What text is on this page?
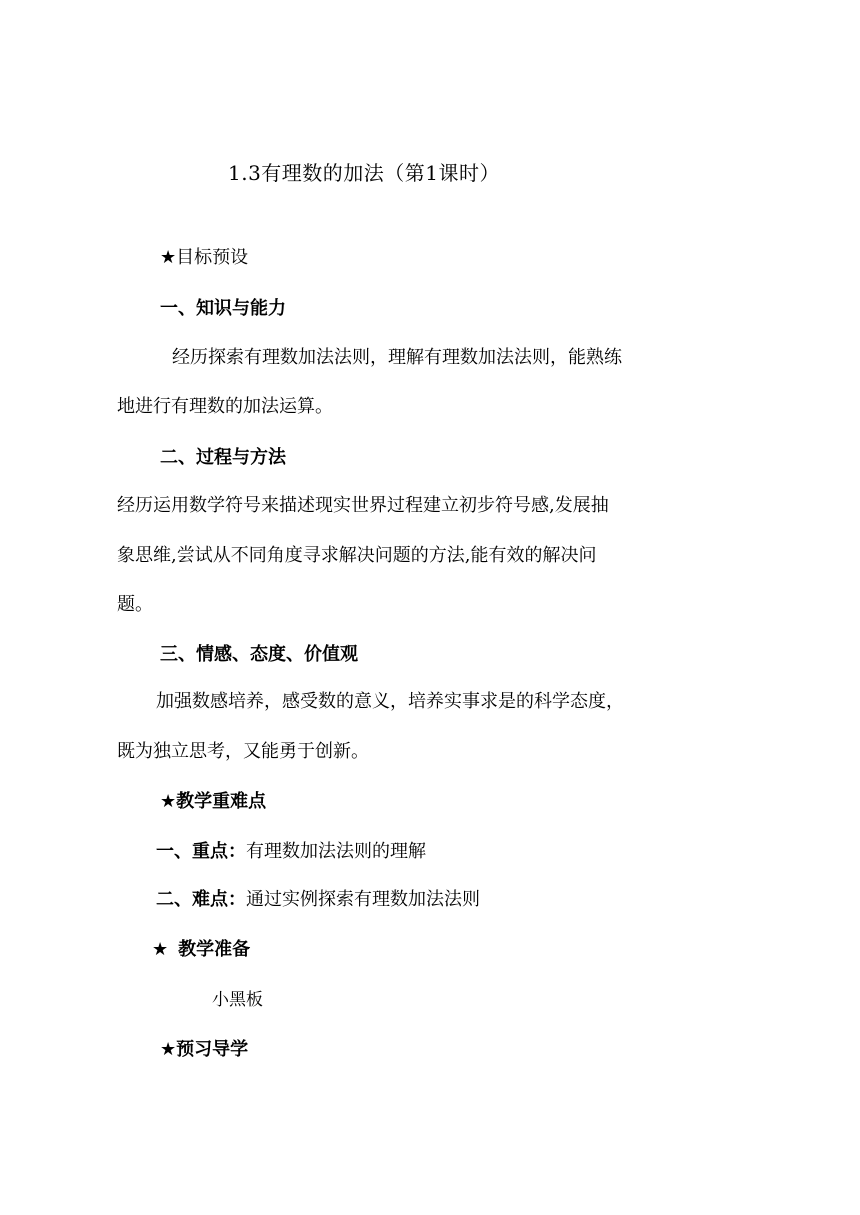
1.3有理数的加法（第1课时）
★目标预设
一、知识与能力
经历探索有理数加法法则，理解有理数加法法则，能熟练
地进行有理数的加法运算。
二、过程与方法
经历运用数学符号来描述现实世界过程建立初步符号感,发展抽
象思维,尝试从不同角度寻求解决问题的方法,能有效的解决问
题。
三、情感、态度、价值观
加强数感培养，感受数的意义，培养实事求是的科学态度，
既为独立思考，又能勇于创新。
★教学重难点
一、重点：有理数加法法则的理解
二、难点：通过实例探索有理数加法法则
★ 教学准备
小黑板
★预习导学
